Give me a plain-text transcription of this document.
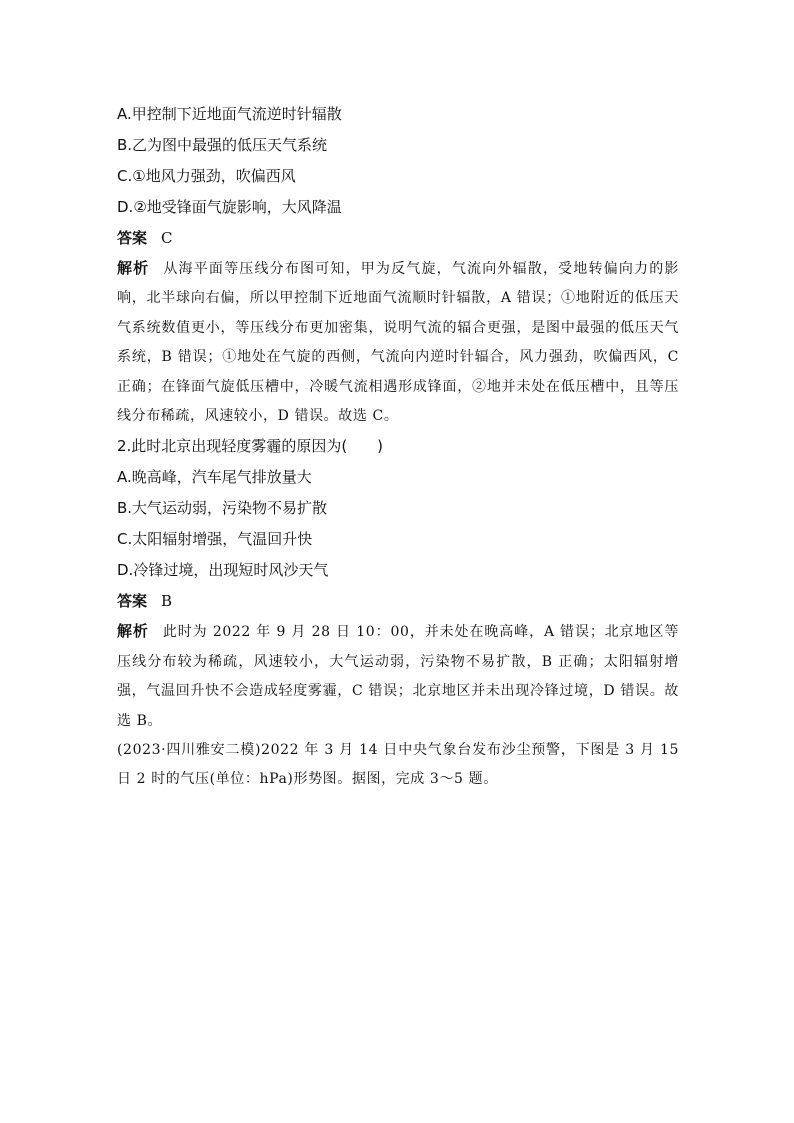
A.甲控制下近地面气流逆时针辐散
B.乙为图中最强的低压天气系统
C.①地风力强劲，吹偏西风
D.②地受锋面气旋影响，大风降温
答案 C
解析 从海平面等压线分布图可知，甲为反气旋，气流向外辐散，受地转偏向力的影响，北半球向右偏，所以甲控制下近地面气流顺时针辐散，A 错误；①地附近的低压天气系统数值更小，等压线分布更加密集，说明气流的辐合更强，是图中最强的低压天气系统，B 错误；①地处在气旋的西侧，气流向内逆时针辐合，风力强劲，吹偏西风，C 正确；在锋面气旋低压槽中，冷暖气流相遇形成锋面，②地并未处在低压槽中，且等压线分布稀疏，风速较小，D 错误。故选 C。
2.此时北京出现轻度雾霾的原因为(　　)
A.晚高峰，汽车尾气排放量大
B.大气运动弱，污染物不易扩散
C.太阳辐射增强，气温回升快
D.冷锋过境，出现短时风沙天气
答案 B
解析 此时为 2022 年 9 月 28 日 10：00，并未处在晚高峰，A 错误；北京地区等压线分布较为稀疏，风速较小，大气运动弱，污染物不易扩散，B 正确；太阳辐射增强，气温回升快不会造成轻度雾霾，C 错误；北京地区并未出现冷锋过境，D 错误。故选 B。
(2023·四川雅安二模)2022 年 3 月 14 日中央气象台发布沙尘预警，下图是 3 月 15 日 2 时的气压(单位：hPa)形势图。据图，完成 3～5 题。
